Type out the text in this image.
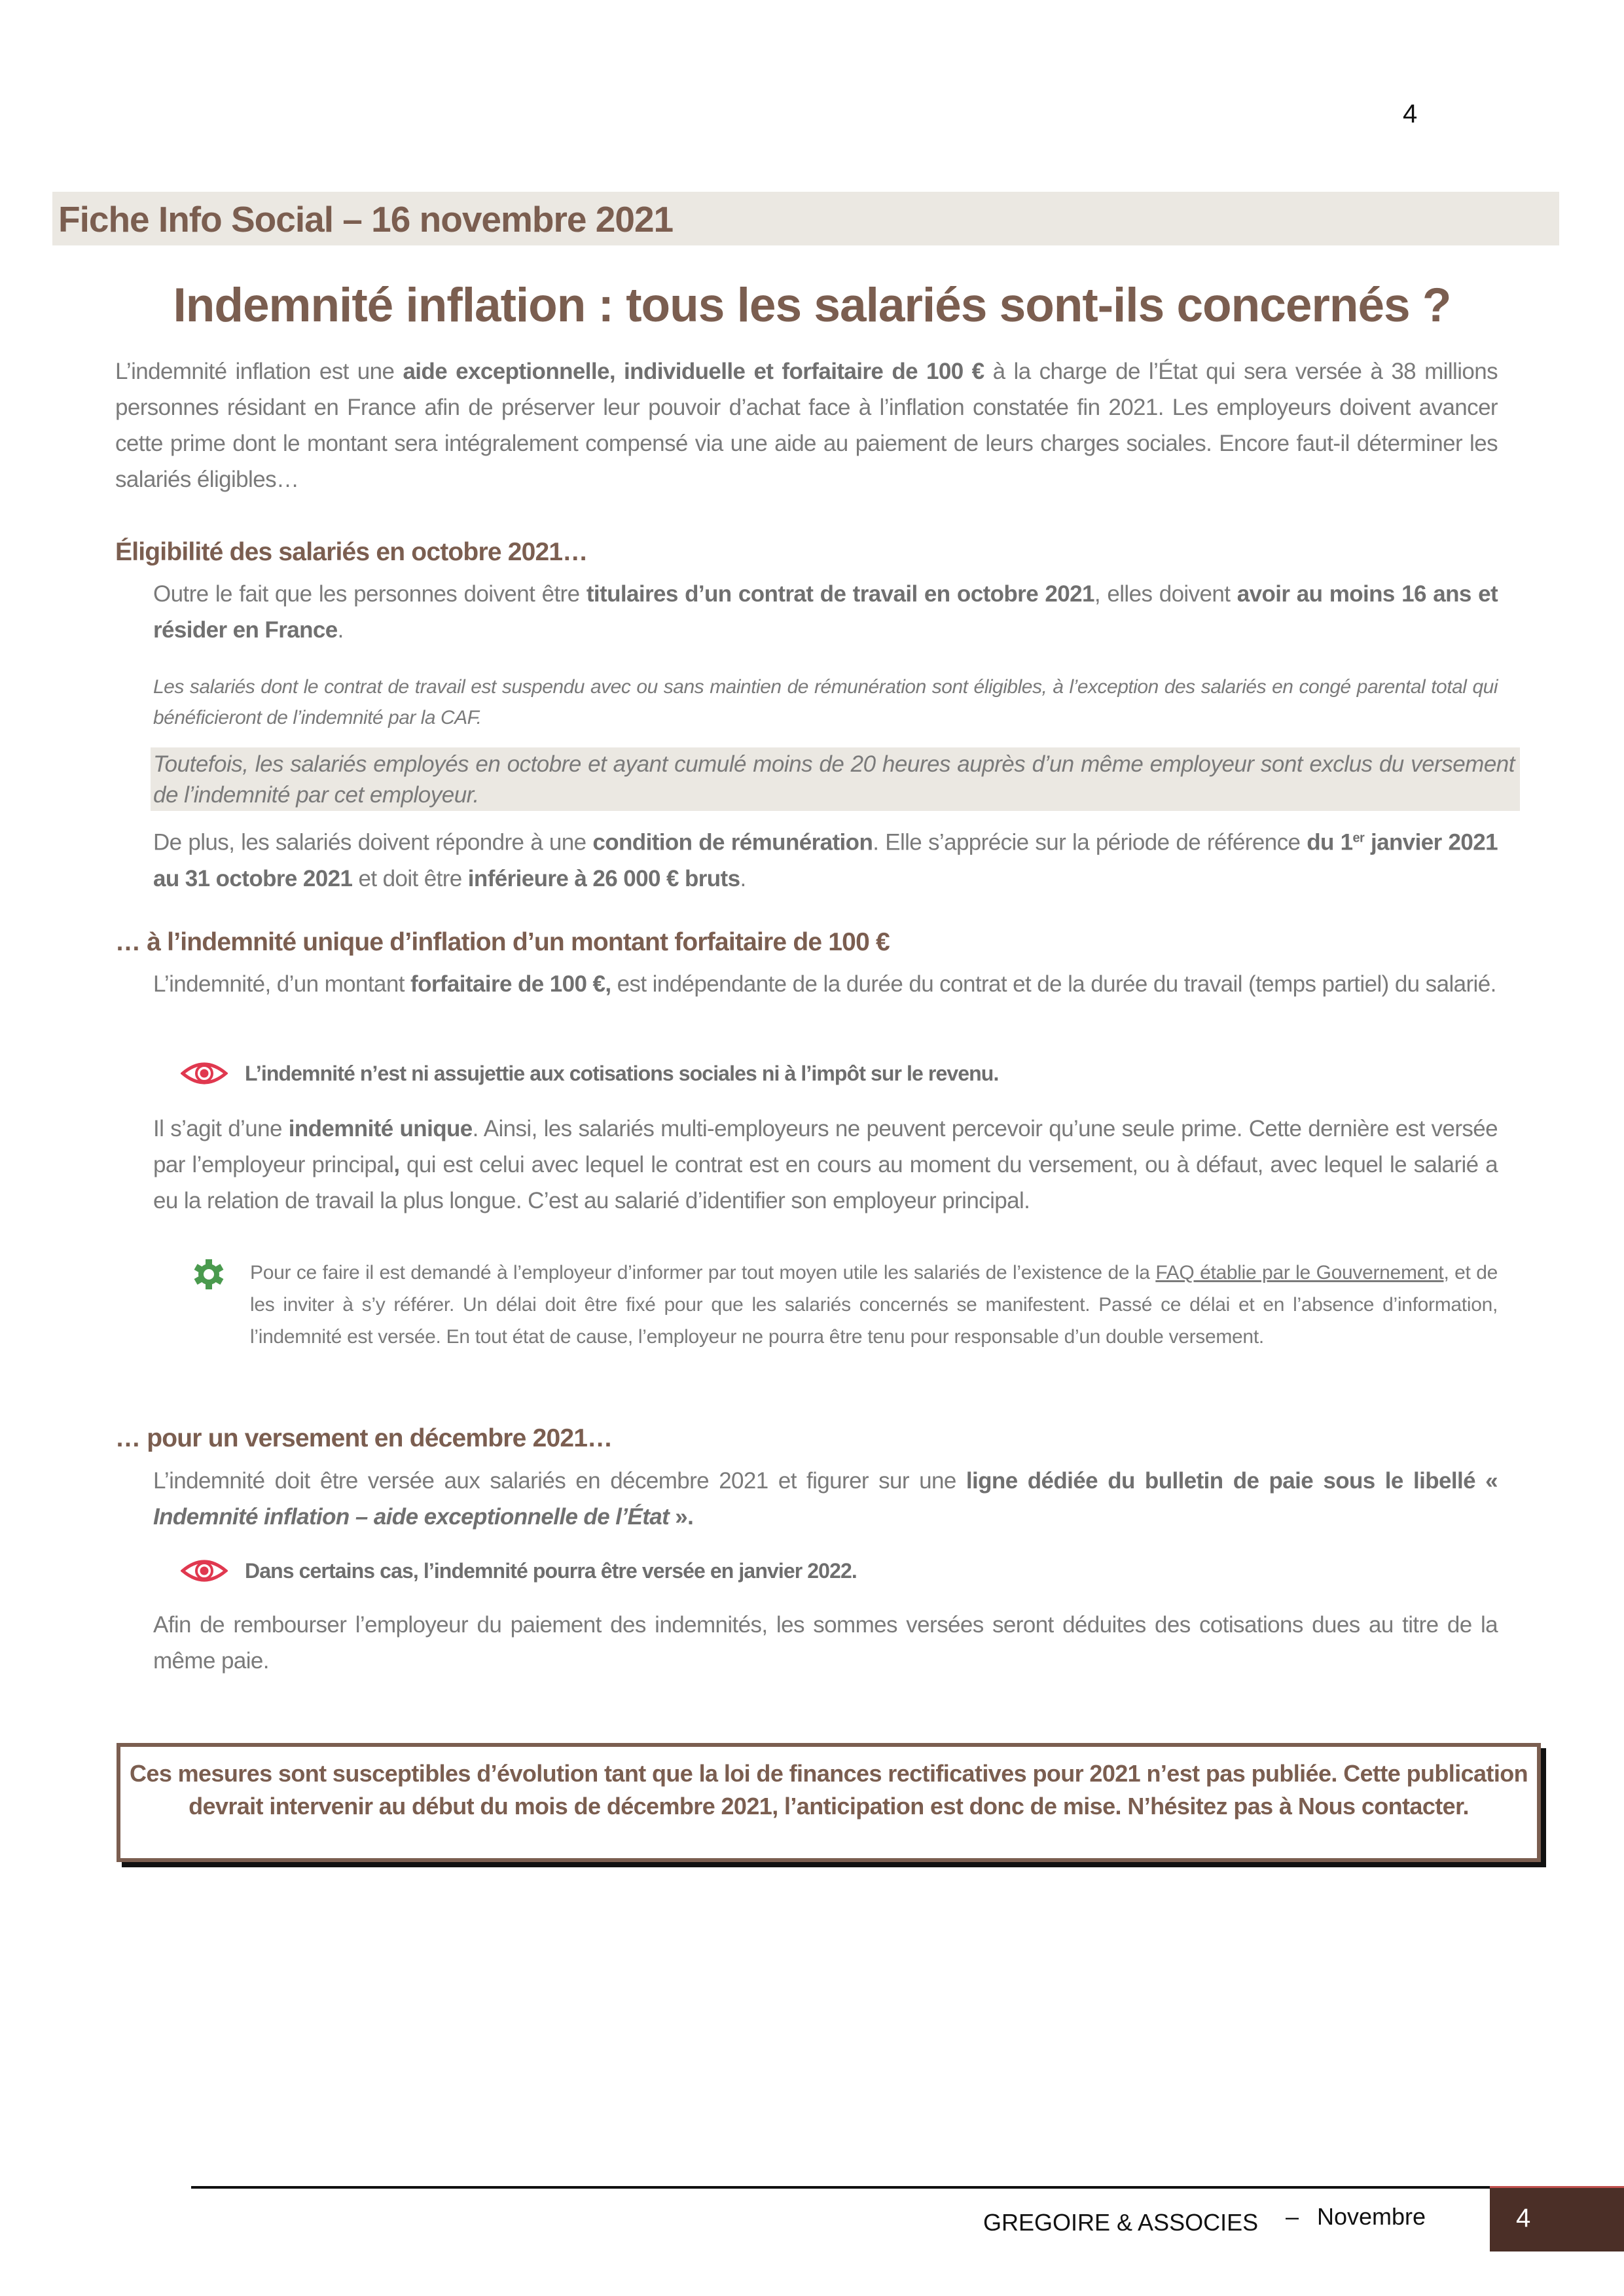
4
Fiche Info Social – 16 novembre 2021
Indemnité inflation : tous les salariés sont-ils concernés ?
L’indemnité inflation est une aide exceptionnelle, individuelle et forfaitaire de 100 € à la charge de l’État qui sera versée à 38 millions personnes résidant en France afin de préserver leur pouvoir d’achat face à l’inflation constatée fin 2021. Les employeurs doivent avancer cette prime dont le montant sera intégralement compensé via une aide au paiement de leurs charges sociales. Encore faut-il déterminer les salariés éligibles…
Éligibilité des salariés en octobre 2021…
Outre le fait que les personnes doivent être titulaires d’un contrat de travail en octobre 2021, elles doivent avoir au moins 16 ans et résider en France.
Les salariés dont le contrat de travail est suspendu avec ou sans maintien de rémunération sont éligibles, à l’exception des salariés en congé parental total qui bénéficieront de l’indemnité par la CAF.
Toutefois, les salariés employés en octobre et ayant cumulé moins de 20 heures auprès d’un même employeur sont exclus du versement de l’indemnité par cet employeur.
De plus, les salariés doivent répondre à une condition de rémunération. Elle s’apprécie sur la période de référence du 1er janvier 2021 au 31 octobre 2021 et doit être inférieure à 26 000 € bruts.
… à l’indemnité unique d’inflation d’un montant forfaitaire de 100 €
L’indemnité, d’un montant forfaitaire de 100 €, est indépendante de la durée du contrat et de la durée du travail (temps partiel) du salarié.
L’indemnité n’est ni assujettie aux cotisations sociales ni à l’impôt sur le revenu.
Il s’agit d’une indemnité unique. Ainsi, les salariés multi-employeurs ne peuvent percevoir qu’une seule prime. Cette dernière est versée par l’employeur principal, qui est celui avec lequel le contrat est en cours au moment du versement, ou à défaut, avec lequel le salarié a eu la relation de travail la plus longue. C’est au salarié d’identifier son employeur principal.
Pour ce faire il est demandé à l’employeur d’informer par tout moyen utile les salariés de l’existence de la FAQ établie par le Gouvernement, et de les inviter à s’y référer. Un délai doit être fixé pour que les salariés concernés se manifestent. Passé ce délai et en l’absence d’information, l’indemnité est versée. En tout état de cause, l’employeur ne pourra être tenu pour responsable d’un double versement.
… pour un versement en décembre 2021…
L’indemnité doit être versée aux salariés en décembre 2021 et figurer sur une ligne dédiée du bulletin de paie sous le libellé « Indemnité inflation – aide exceptionnelle de l’État ».
Dans certains cas, l’indemnité pourra être versée en janvier 2022.
Afin de rembourser l’employeur du paiement des indemnités, les sommes versées seront déduites des cotisations dues au titre de la même paie.
Ces mesures sont susceptibles d’évolution tant que la loi de finances rectificatives pour 2021 n’est pas publiée. Cette publication devrait intervenir au début du mois de décembre 2021, l’anticipation est donc de mise. N’hésitez pas à Nous contacter.
4
GREGOIRE & ASSOCIES – Novembre
